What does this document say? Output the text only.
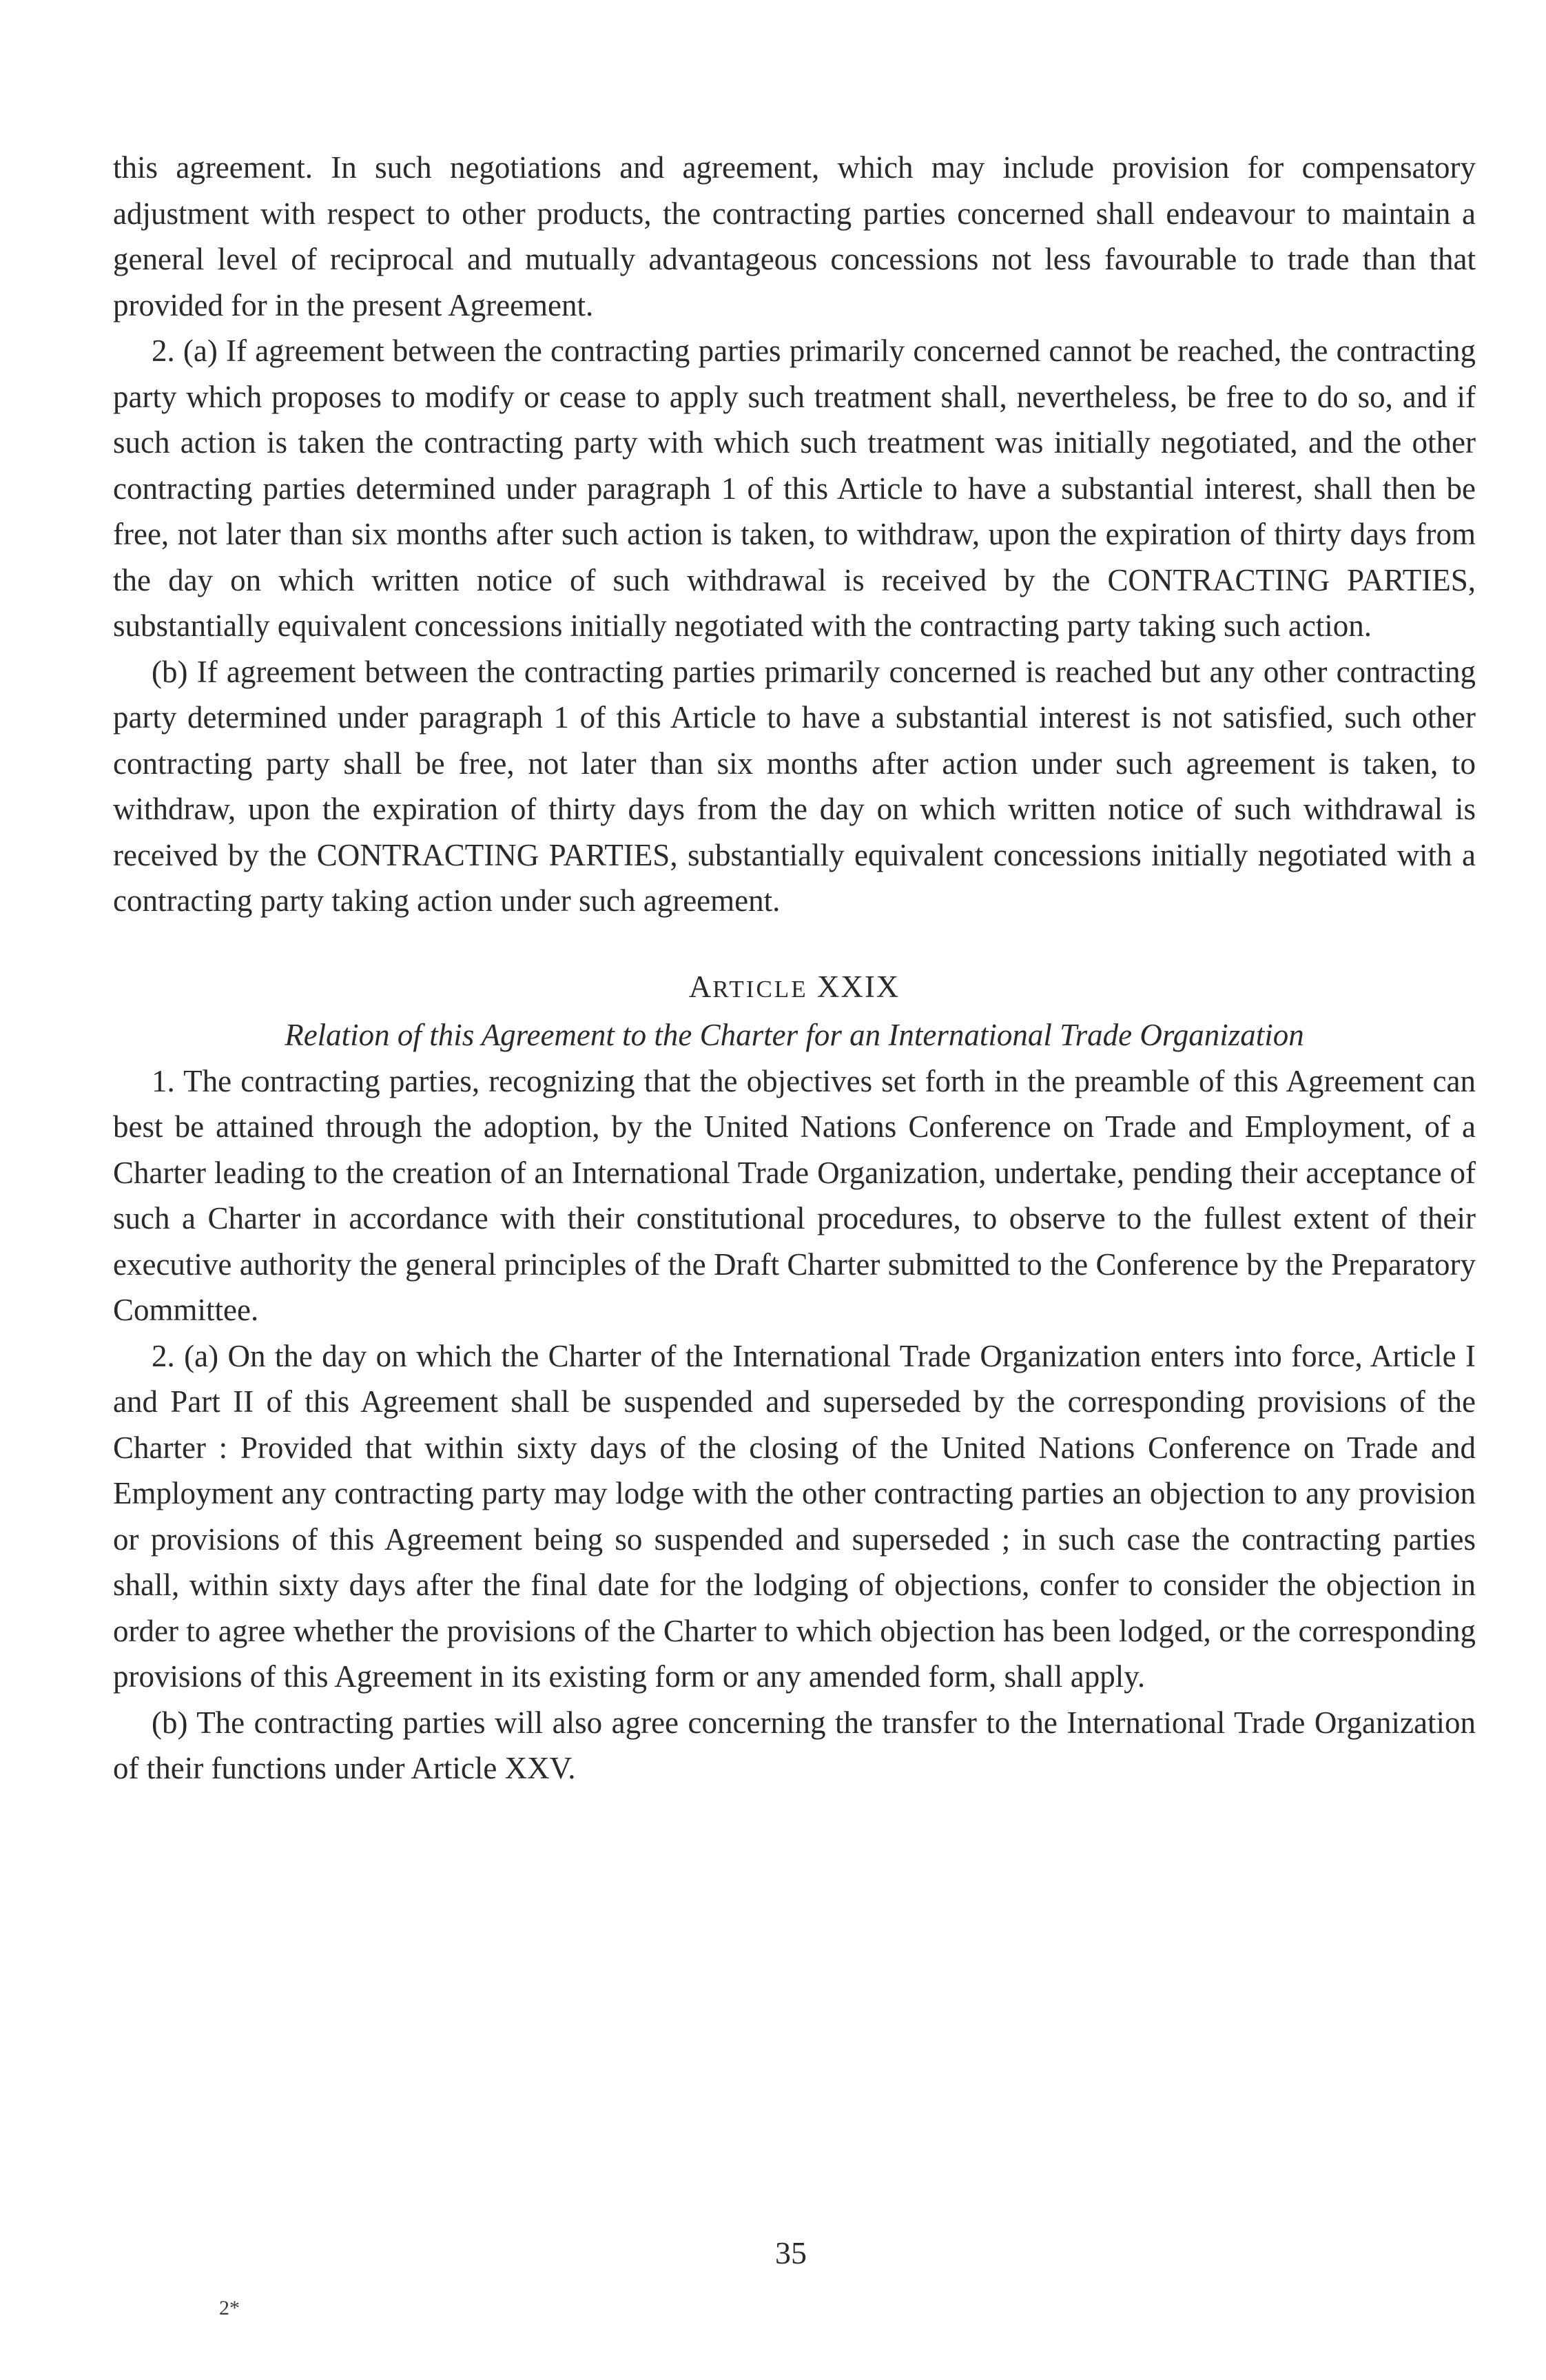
this agreement. In such negotiations and agreement, which may include provision for compensatory adjustment with respect to other products, the contracting parties concerned shall endeavour to maintain a general level of reciprocal and mutually advantageous concessions not less favourable to trade than that provided for in the present Agreement.

2. (a) If agreement between the contracting parties primarily concerned cannot be reached, the contracting party which proposes to modify or cease to apply such treatment shall, nevertheless, be free to do so, and if such action is taken the contracting party with which such treatment was initially negotiated, and the other contracting parties determined under paragraph 1 of this Article to have a substantial interest, shall then be free, not later than six months after such action is taken, to withdraw, upon the expiration of thirty days from the day on which written notice of such withdrawal is received by the CONTRACTING PARTIES, substantially equivalent concessions initially negotiated with the contracting party taking such action.

(b) If agreement between the contracting parties primarily concerned is reached but any other contracting party determined under paragraph 1 of this Article to have a substantial interest is not satisfied, such other contracting party shall be free, not later than six months after action under such agreement is taken, to withdraw, upon the expiration of thirty days from the day on which written notice of such withdrawal is received by the CONTRACTING PARTIES, substantially equivalent concessions initially negotiated with a contracting party taking action under such agreement.

ARTICLE XXIX
Relation of this Agreement to the Charter for an International Trade Organization

1. The contracting parties, recognizing that the objectives set forth in the preamble of this Agreement can best be attained through the adoption, by the United Nations Conference on Trade and Employment, of a Charter leading to the creation of an International Trade Organization, undertake, pending their acceptance of such a Charter in accordance with their constitutional procedures, to observe to the fullest extent of their executive authority the general principles of the Draft Charter submitted to the Conference by the Preparatory Committee.

2. (a) On the day on which the Charter of the International Trade Organization enters into force, Article I and Part II of this Agreement shall be suspended and superseded by the corresponding provisions of the Charter : Provided that within sixty days of the closing of the United Nations Conference on Trade and Employment any contracting party may lodge with the other contracting parties an objection to any provision or provisions of this Agreement being so suspended and superseded ; in such case the contracting parties shall, within sixty days after the final date for the lodging of objections, confer to consider the objection in order to agree whether the provisions of the Charter to which objection has been lodged, or the corresponding provisions of this Agreement in its existing form or any amended form, shall apply.

(b) The contracting parties will also agree concerning the transfer to the International Trade Organization of their functions under Article XXV.

35
2*
